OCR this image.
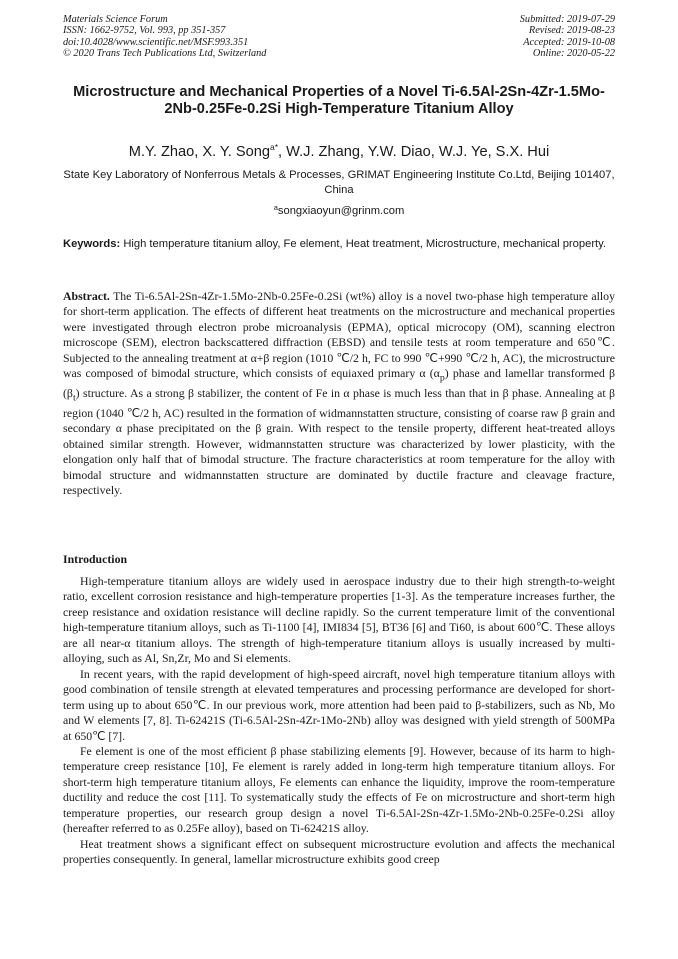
Materials Science Forum
ISSN: 1662-9752, Vol. 993, pp 351-357
doi:10.4028/www.scientific.net/MSF.993.351
© 2020 Trans Tech Publications Ltd, Switzerland
Submitted: 2019-07-29
Revised: 2019-08-23
Accepted: 2019-10-08
Online: 2020-05-22
Microstructure and Mechanical Properties of a Novel Ti-6.5Al-2Sn-4Zr-1.5Mo-2Nb-0.25Fe-0.2Si High-Temperature Titanium Alloy
M.Y. Zhao, X. Y. Song$^{a*}$, W.J. Zhang, Y.W. Diao, W.J. Ye, S.X. Hui
State Key Laboratory of Nonferrous Metals & Processes, GRIMAT Engineering Institute Co.Ltd, Beijing 101407, China
$^a$songxiaoyun@grinm.com
Keywords: High temperature titanium alloy, Fe element, Heat treatment, Microstructure, mechanical property.

Abstract. The Ti-6.5Al-2Sn-4Zr-1.5Mo-2Nb-0.25Fe-0.2Si (wt%) alloy is a novel two-phase high temperature alloy for short-term application. The effects of different heat treatments on the microstructure and mechanical properties were investigated through electron probe microanalysis (EPMA), optical microcopy (OM), scanning electron microscope (SEM), electron backscattered diffraction (EBSD) and tensile tests at room temperature and 650℃. Subjected to the annealing treatment at α+β region (1010 ℃/2 h, FC to 990 ℃+990 ℃/2 h, AC), the microstructure was composed of bimodal structure, which consists of equiaxed primary α $(\alpha_p)$ phase and lamellar transformed β $(\beta_t)$ structure. As a strong β stabilizer, the content of Fe in α phase is much less than that in β phase. Annealing at β region (1040 ℃/2 h, AC) resulted in the formation of widmannstatten structure, consisting of coarse raw β grain and secondary α phase precipitated on the β grain. With respect to the tensile property, different heat-treated alloys obtained similar strength. However, widmannstatten structure was characterized by lower plasticity, with the elongation only half that of bimodal structure. The fracture characteristics at room temperature for the alloy with bimodal structure and widmannstatten structure are dominated by ductile fracture and cleavage fracture, respectively.

Introduction

High-temperature titanium alloys are widely used in aerospace industry due to their high strength-to-weight ratio, excellent corrosion resistance and high-temperature properties [1-3]. As the temperature increases further, the creep resistance and oxidation resistance will decline rapidly. So the current temperature limit of the conventional high-temperature titanium alloys, such as Ti-1100 [4], IMI834 [5], BT36 [6] and Ti60, is about 600℃. These alloys are all near-α titanium alloys. The strength of high-temperature titanium alloys is usually increased by multi-alloying, such as Al, Sn,Zr, Mo and Si elements.

In recent years, with the rapid development of high-speed aircraft, novel high temperature titanium alloys with good combination of tensile strength at elevated temperatures and processing performance are developed for short-term using up to about 650℃. In our previous work, more attention had been paid to β-stabilizers, such as Nb, Mo and W elements [7, 8]. Ti-62421S (Ti-6.5Al-2Sn-4Zr-1Mo-2Nb) alloy was designed with yield strength of 500MPa at 650℃ [7].

Fe element is one of the most efficient β phase stabilizing elements [9]. However, because of its harm to high-temperature creep resistance [10], Fe element is rarely added in long-term high temperature titanium alloys. For short-term high temperature titanium alloys, Fe elements can enhance the liquidity, improve the room-temperature ductility and reduce the cost [11]. To systematically study the effects of Fe on microstructure and short-term high temperature properties, our research group design a novel Ti-6.5Al-2Sn-4Zr-1.5Mo-2Nb-0.25Fe-0.2Si alloy (hereafter referred to as 0.25Fe alloy), based on Ti-62421S alloy.

Heat treatment shows a significant effect on subsequent microstructure evolution and affects the mechanical properties consequently. In general, lamellar microstructure exhibits good creep
